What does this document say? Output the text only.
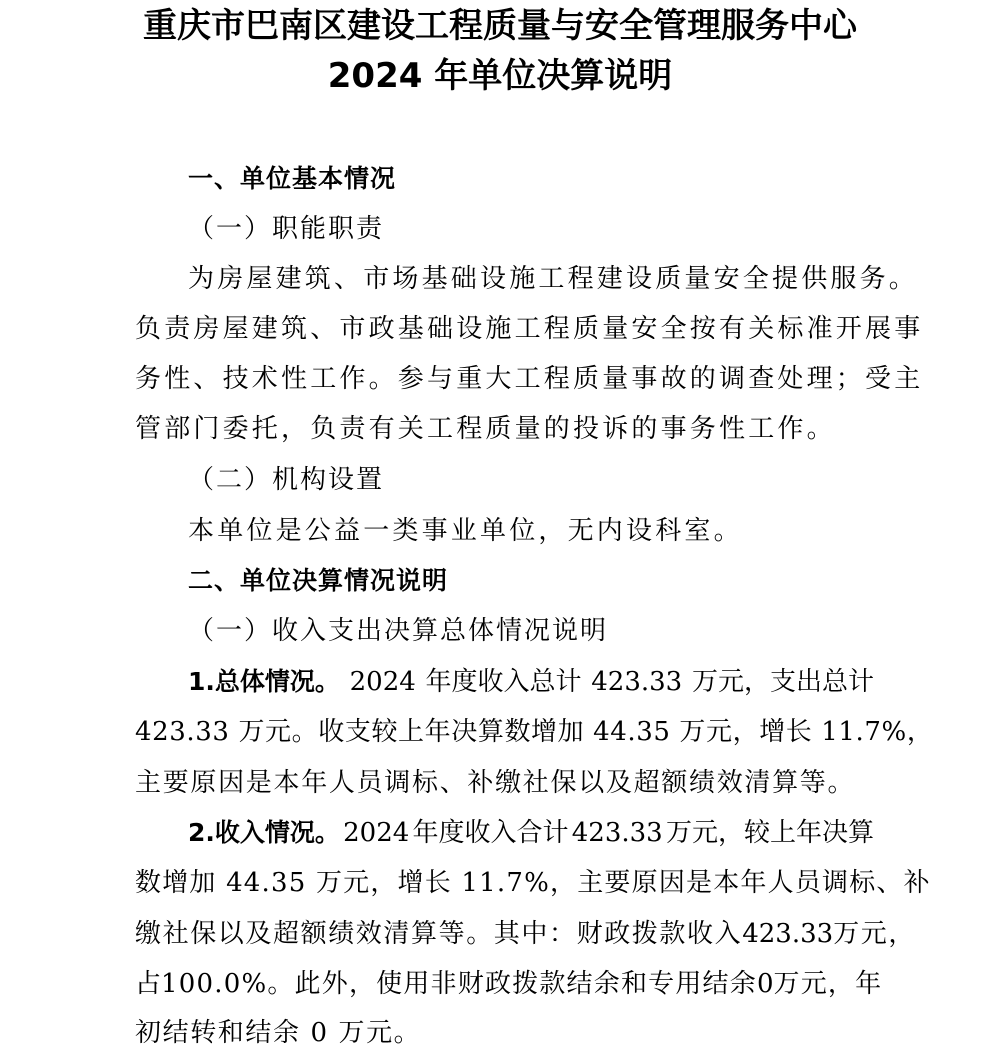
重庆市巴南区建设工程质量与安全管理服务中心
2024 年单位决算说明
一、单位基本情况
（一）职能职责
为房屋建筑、市场基础设施工程建设质量安全提供服务。
负责房屋建筑、市政基础设施工程质量安全按有关标准开展事
务性、技术性工作。参与重大工程质量事故的调查处理；受主
管部门委托，负责有关工程质量的投诉的事务性工作。
（二）机构设置
本单位是公益一类事业单位，无内设科室。
二、单位决算情况说明
（一）收入支出决算总体情况说明
1.总体情况。 2024 年度收入总计 423.33 万元，支出总计
423.33 万元。收支较上年决算数增加 44.35 万元，增长 11.7%，
主要原因是本年人员调标、补缴社保以及超额绩效清算等。
2.收入情况。 2024 年度收入合计 423.33 万元，较上年决算
数增加 44.35 万元，增长 11.7%，主要原因是本年人员调标、补
缴社保以及超额绩效清算等。其中：财政拨款收入 423.33 万元，
占 100.0%。此外，使用非财政拨款结余和专用结余 0 万元，年
初结转和结余 0 万元。
